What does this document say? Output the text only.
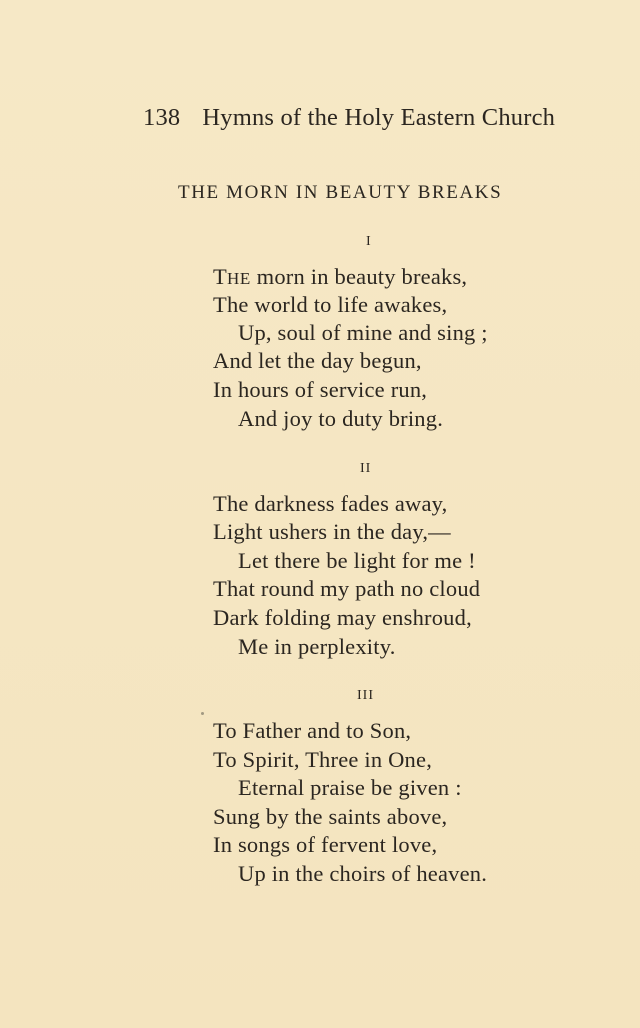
138 Hymns of the Holy Eastern Church
THE MORN IN BEAUTY BREAKS
I
THE morn in beauty breaks,
The world to life awakes,
Up, soul of mine and sing ;
And let the day begun,
In hours of service run,
And joy to duty bring.
II
The darkness fades away,
Light ushers in the day,—
Let there be light for me !
That round my path no cloud
Dark folding may enshroud,
Me in perplexity.
III
To Father and to Son,
To Spirit, Three in One,
Eternal praise be given :
Sung by the saints above,
In songs of fervent love,
Up in the choirs of heaven.
